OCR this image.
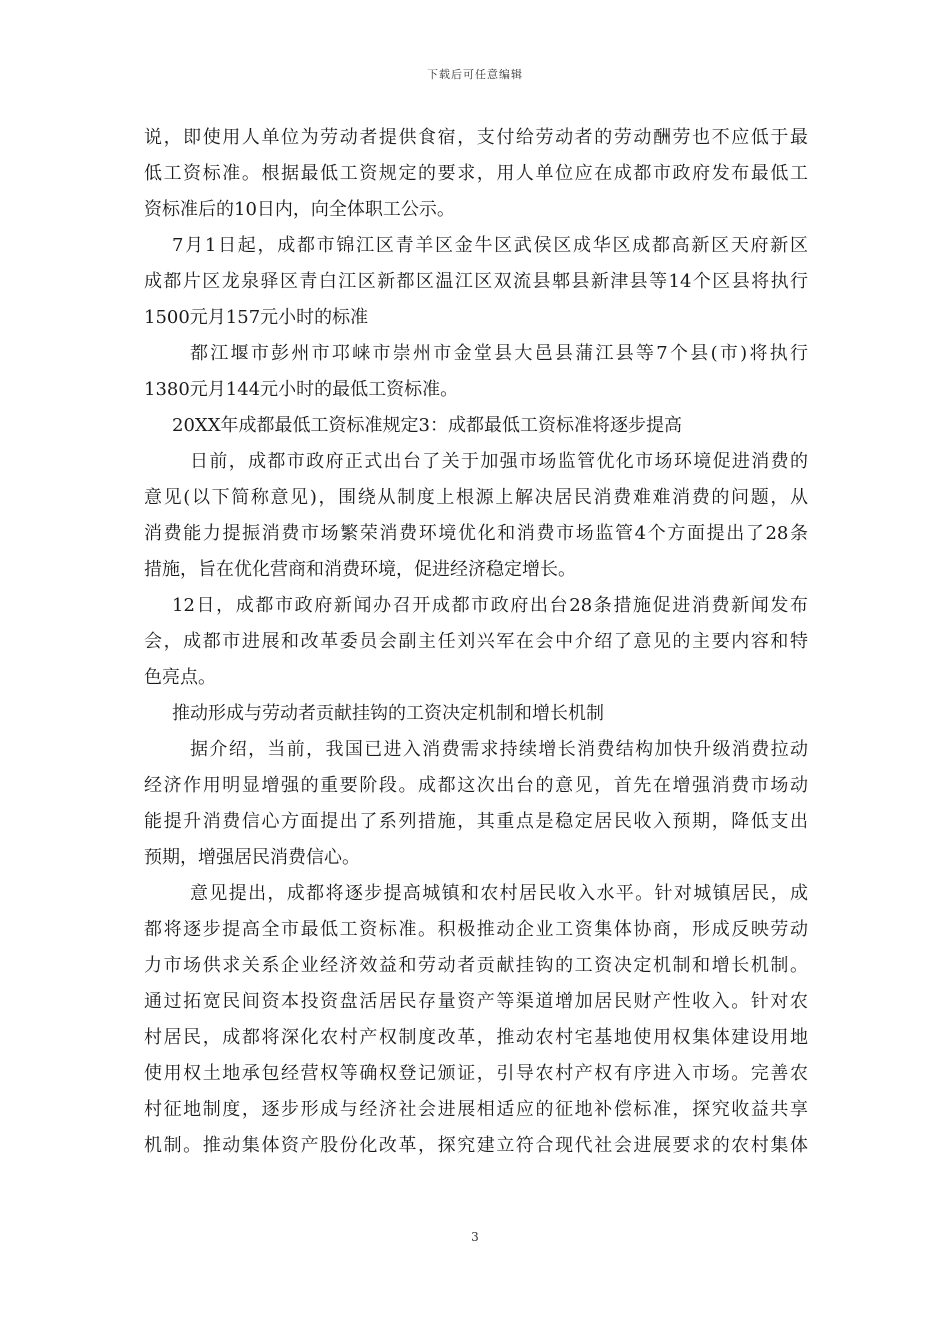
下载后可任意编辑
说，即使用人单位为劳动者提供食宿，支付给劳动者的劳动酬劳也不应低于最
低工资标准。根据最低工资规定的要求，用人单位应在成都市政府发布最低工
资标准后的10日内，向全体职工公示。
7月1日起，成都市锦江区青羊区金牛区武侯区成华区成都高新区天府新区
成都片区龙泉驿区青白江区新都区温江区双流县郫县新津县等14个区县将执行
1500元月157元小时的标准
都江堰市彭州市邛崃市崇州市金堂县大邑县蒲江县等7个县(市)将执行
1380元月144元小时的最低工资标准。
20XX年成都最低工资标准规定3：成都最低工资标准将逐步提高
日前，成都市政府正式出台了关于加强市场监管优化市场环境促进消费的
意见(以下简称意见)，围绕从制度上根源上解决居民消费难难消费的问题，从
消费能力提振消费市场繁荣消费环境优化和消费市场监管4个方面提出了28条
措施，旨在优化营商和消费环境，促进经济稳定增长。
12日，成都市政府新闻办召开成都市政府出台28条措施促进消费新闻发布
会，成都市进展和改革委员会副主任刘兴军在会中介绍了意见的主要内容和特
色亮点。
推动形成与劳动者贡献挂钩的工资决定机制和增长机制
据介绍，当前，我国已进入消费需求持续增长消费结构加快升级消费拉动
经济作用明显增强的重要阶段。成都这次出台的意见，首先在增强消费市场动
能提升消费信心方面提出了系列措施，其重点是稳定居民收入预期，降低支出
预期，增强居民消费信心。
意见提出，成都将逐步提高城镇和农村居民收入水平。针对城镇居民，成
都将逐步提高全市最低工资标准。积极推动企业工资集体协商，形成反映劳动
力市场供求关系企业经济效益和劳动者贡献挂钩的工资决定机制和增长机制。
通过拓宽民间资本投资盘活居民存量资产等渠道增加居民财产性收入。针对农
村居民，成都将深化农村产权制度改革，推动农村宅基地使用权集体建设用地
使用权土地承包经营权等确权登记颁证，引导农村产权有序进入市场。完善农
村征地制度，逐步形成与经济社会进展相适应的征地补偿标准，探究收益共享
机制。推动集体资产股份化改革，探究建立符合现代社会进展要求的农村集体
3
